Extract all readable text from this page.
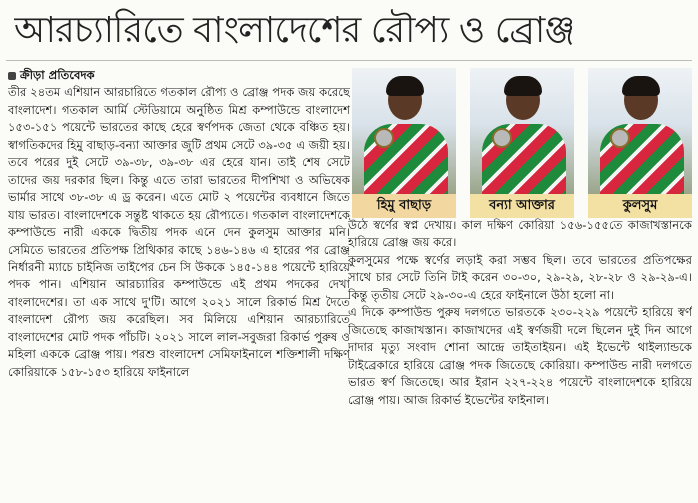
আরচ্যারিতে বাংলাদেশের রৌপ্য ও ব্রোঞ্জ
ক্রীড়া প্রতিবেদক

তীর ২৪তম এশিয়ান আরচারিতে গতকাল রৌপ্য ও ব্রোঞ্জ পদক জয় করেছে বাংলাদেশ। গতকাল আর্মি স্টেডিয়ামে অনুষ্ঠিত মিশ্র কম্পাউন্ডে বাংলাদেশ ১৫৩-১৫১ পয়েন্টে ভারতের কাছে হেরে স্বর্ণপদক জেতা থেকে বঞ্চিত হয়। স্বাগতিকদের হিমু বাছাড়-বন্যা আক্তার জুটি প্রথম সেটে ৩৯-৩৫ এ জয়ী হয়। তবে পরের দুই সেটে ৩৯-৩৮, ৩৯-৩৮ এর হেরে যান। তাই শেষ সেটে তাদের জয় দরকার ছিল। কিন্তু এতে তারা ভারতের দীপশিখা ও অভিষেক ভার্মার সাথে ৩৮-৩৮ এ ড্র করেন। এতে মোট ২ পয়েন্টের ব্যবধানে জিতে যায় ভারত। বাংলাদেশকে সন্তুষ্ট থাকতে হয় রৌপ্যতে। গতকাল বাংলাদেশকে কম্পাউন্ডে নারী এককে দ্বিতীয় পদক এনে দেন কুলসুম আক্তার মনি। সেমিতে ভারতের প্রতিপক্ষ প্রিথিকার কাছে ১৪৬-১৪৬ এ হারের পর ব্রোঞ্জ নির্ধারনী ম্যাচে চাইনিজ তাইপের চেন সি উককে ১৪৫-১৪৪ পয়েন্টে হারিয়ে পদক পান। এশিয়ান আরচ্যারির কম্পাউন্ডে এই প্রথম পদকের দেখা বাংলাদেশের। তা এক সাথে দু'টি। আগে ২০২১ সালে রিকার্ভ মিশ্র দৈতে বাংলাদেশ রৌপ্য জয় করেছিল। সব মিলিয়ে এশিয়ান আরচ্যারিতে বাংলাদেশের মোট পদক পাঁচটি। ২০২১ সালে লাল-সবুজরা রিকার্ভ পুরুষ ও মহিলা এককে ব্রোঞ্জ পায়। পরশু বাংলাদেশ সেমিফাইনালে শক্তিশালী দক্ষিণ কোরিয়াকে ১৫৮-১৫৩ হারিয়ে ফাইনালে

হিমু বাছাড়	বন্যা আক্তার	কুলসুম

উঠে স্বর্ণের স্বপ্ন দেখায়। কাল দক্ষিণ কোরিয়া ১৫৬-১৫৫তে কাজাখস্তানকে হারিয়ে ব্রোঞ্জ জয় করে।

কুলসুমের পক্ষে স্বর্ণের লড়াই করা সম্ভব ছিল। তবে ভারতের প্রতিপক্ষের সাথে চার সেটে তিনি টাই করেন ৩০-৩০, ২৯-২৯, ২৮-২৮ ও ২৯-২৯-এ। কিন্তু তৃতীয় সেটে ২৯-৩০-এ হেরে ফাইনালে উঠা হলো না।

এ দিকে কম্পাউন্ড পুরুষ দলগতে ভারতকে ২৩০-২২৯ পয়েন্টে হারিয়ে স্বর্ণ জিতেছে কাজাখস্তান। কাজাখদের এই স্বর্ণজয়ী দলে ছিলেন দুই দিন আগে দাদার মৃত্যু সংবাদ শোনা আন্দ্রে তাইতাইয়ন। এই ইভেন্টে থাইল্যান্ডকে টাইব্রেকারে হারিয়ে ব্রোঞ্জ পদক জিতেছে কোরিয়া। কম্পাউন্ড নারী দলগতে ভারত স্বর্ণ জিতেছে। আর ইরান ২২৭-২২৪ পয়েন্টে বাংলাদেশকে হারিয়ে ব্রোঞ্জ পায়। আজ রিকার্ভ ইভেন্টের ফাইনাল।
